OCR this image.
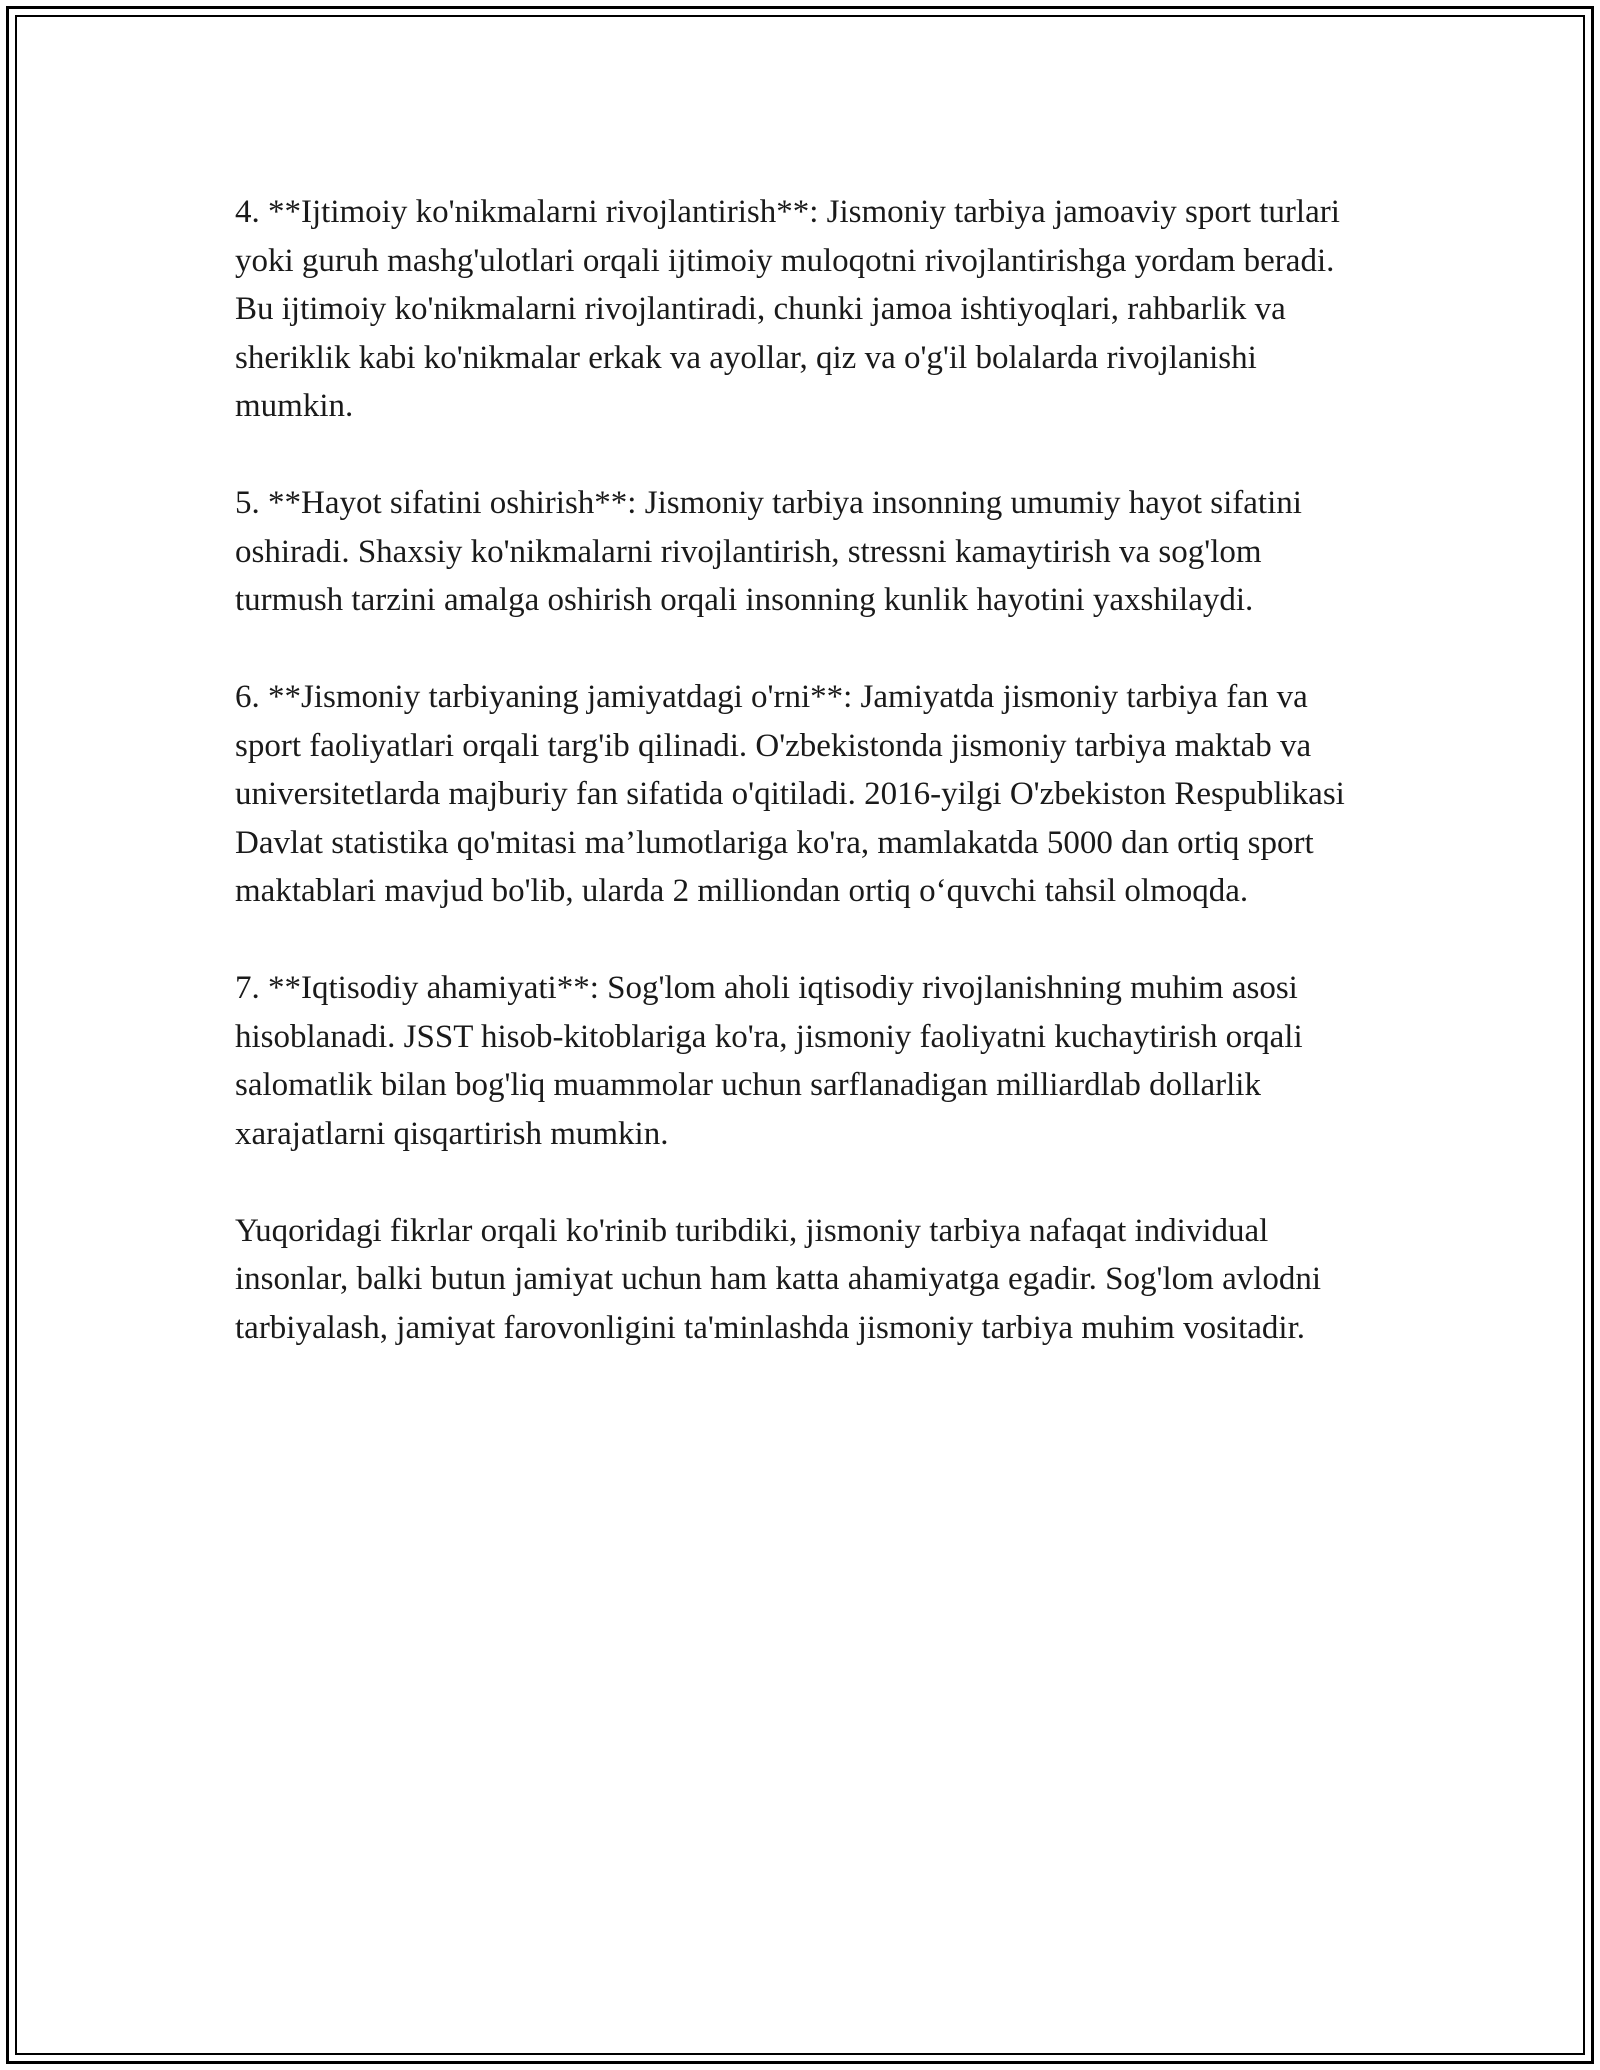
4. **Ijtimoiy ko'nikmalarni rivojlantirish**: Jismoniy tarbiya jamoaviy sport turlari yoki guruh mashg'ulotlari orqali ijtimoiy muloqotni rivojlantirishga yordam beradi. Bu ijtimoiy ko'nikmalarni rivojlantiradi, chunki jamoa ishtiyoqlari, rahbarlik va sheriklik kabi ko'nikmalar erkak va ayollar, qiz va o'g'il bolalarda rivojlanishi mumkin.

5. **Hayot sifatini oshirish**: Jismoniy tarbiya insonning umumiy hayot sifatini oshiradi. Shaxsiy ko'nikmalarni rivojlantirish, stressni kamaytirish va sog'lom turmush tarzini amalga oshirish orqali insonning kunlik hayotini yaxshilaydi.

6. **Jismoniy tarbiyaning jamiyatdagi o'rni**: Jamiyatda jismoniy tarbiya fan va sport faoliyatlari orqali targ'ib qilinadi. O'zbekistonda jismoniy tarbiya maktab va universitetlarda majburiy fan sifatida o'qitiladi. 2016-yilgi O'zbekiston Respublikasi Davlat statistika qo'mitasi ma’lumotlariga ko'ra, mamlakatda 5000 dan ortiq sport maktablari mavjud bo'lib, ularda 2 milliondan ortiq o‘quvchi tahsil olmoqda.

7. **Iqtisodiy ahamiyati**: Sog'lom aholi iqtisodiy rivojlanishning muhim asosi hisoblanadi. JSST hisob-kitoblariga ko'ra, jismoniy faoliyatni kuchaytirish orqali salomatlik bilan bog'liq muammolar uchun sarflanadigan milliardlab dollarlik xarajatlarni qisqartirish mumkin.

Yuqoridagi fikrlar orqali ko'rinib turibdiki, jismoniy tarbiya nafaqat individual insonlar, balki butun jamiyat uchun ham katta ahamiyatga egadir. Sog'lom avlodni tarbiyalash, jamiyat farovonligini ta'minlashda jismoniy tarbiya muhim vositadir.
